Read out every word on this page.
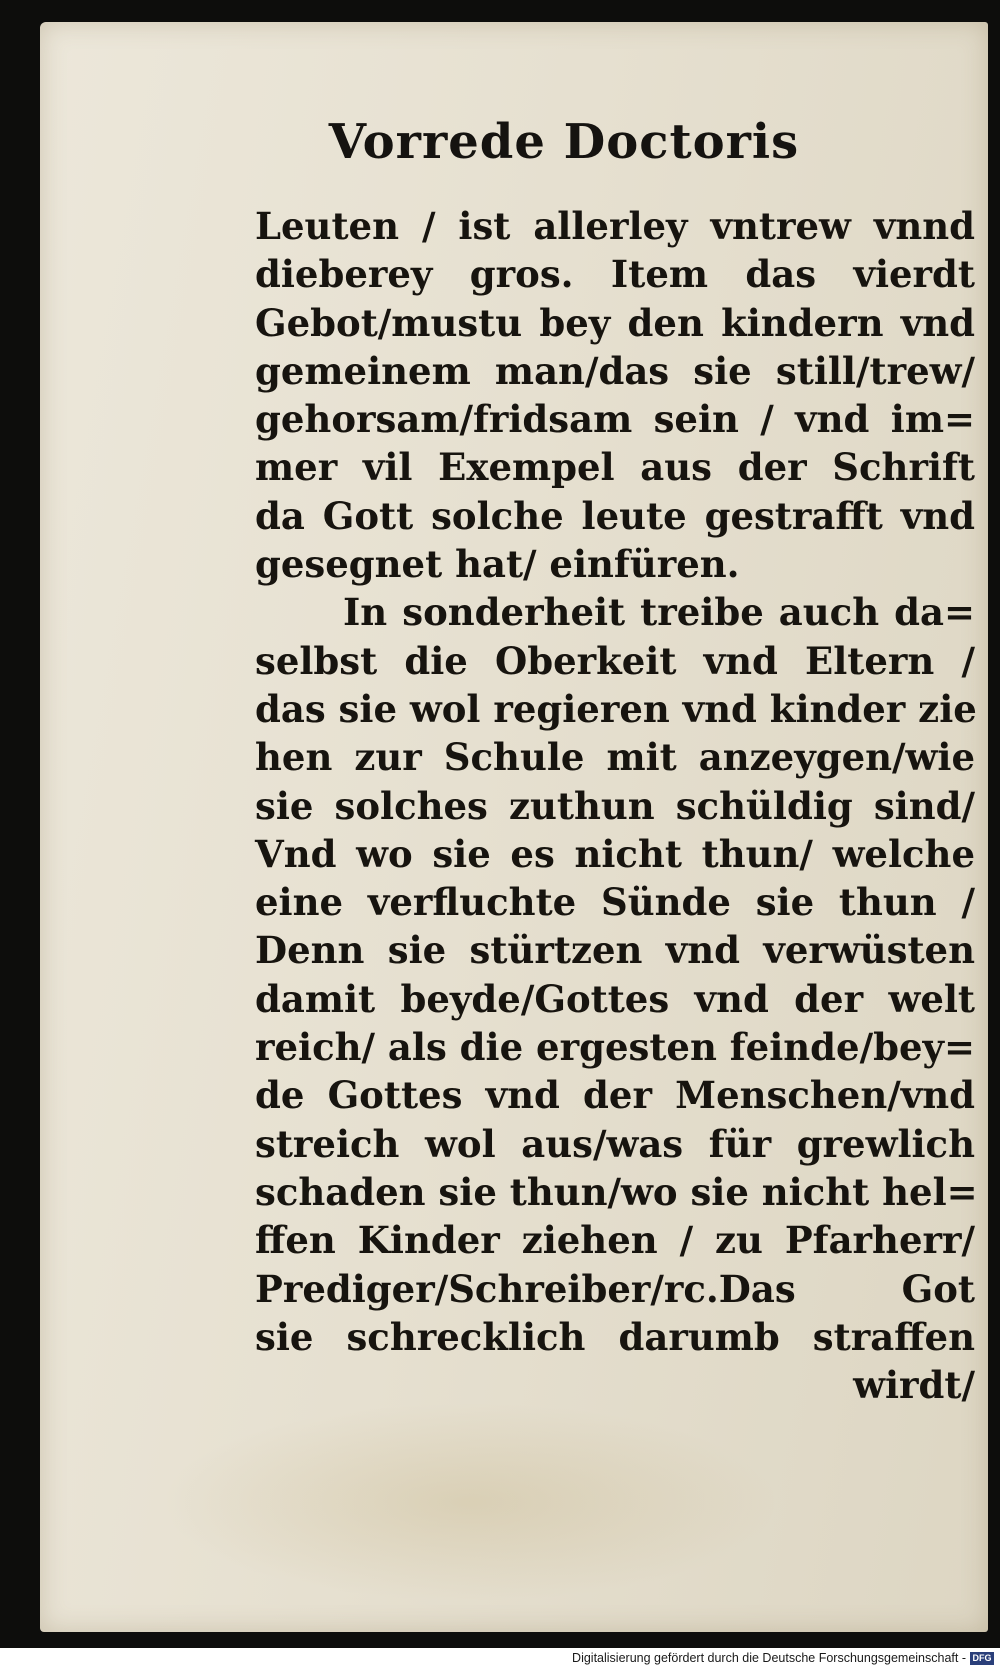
Vorrede Doctoris
Leuten / ist allerley vntrew vnnd
dieberey gros. Item das vierdt
Gebot/mustu bey den kindern vnd
gemeinem man/das sie still/trew/
gehorsam/fridsam sein / vnd im=
mer vil Exempel aus der Schrift
da Gott solche leute gestrafft vnd
gesegnet hat/ einfüren.
In sonderheit treibe auch da=
selbst die Oberkeit vnd Eltern /
das sie wol regieren vnd kinder zie
hen zur Schule mit anzeygen/wie
sie solches zuthun schüldig sind/
Vnd wo sie es nicht thun/ welche
eine verfluchte Sünde sie thun /
Denn sie stürtzen vnd verwüsten
damit beyde/Gottes vnd der welt
reich/ als die ergesten feinde/bey=
de Gottes vnd der Menschen/vnd
streich wol aus/was für grewlich
schaden sie thun/wo sie nicht hel=
ffen Kinder ziehen / zu Pfarherr/
Prediger/Schreiber/rc.Das Got
sie schrecklich darumb straffen
wirdt/
Digitalisierung gefördert durch die Deutsche Forschungsgemeinschaft - DFG
